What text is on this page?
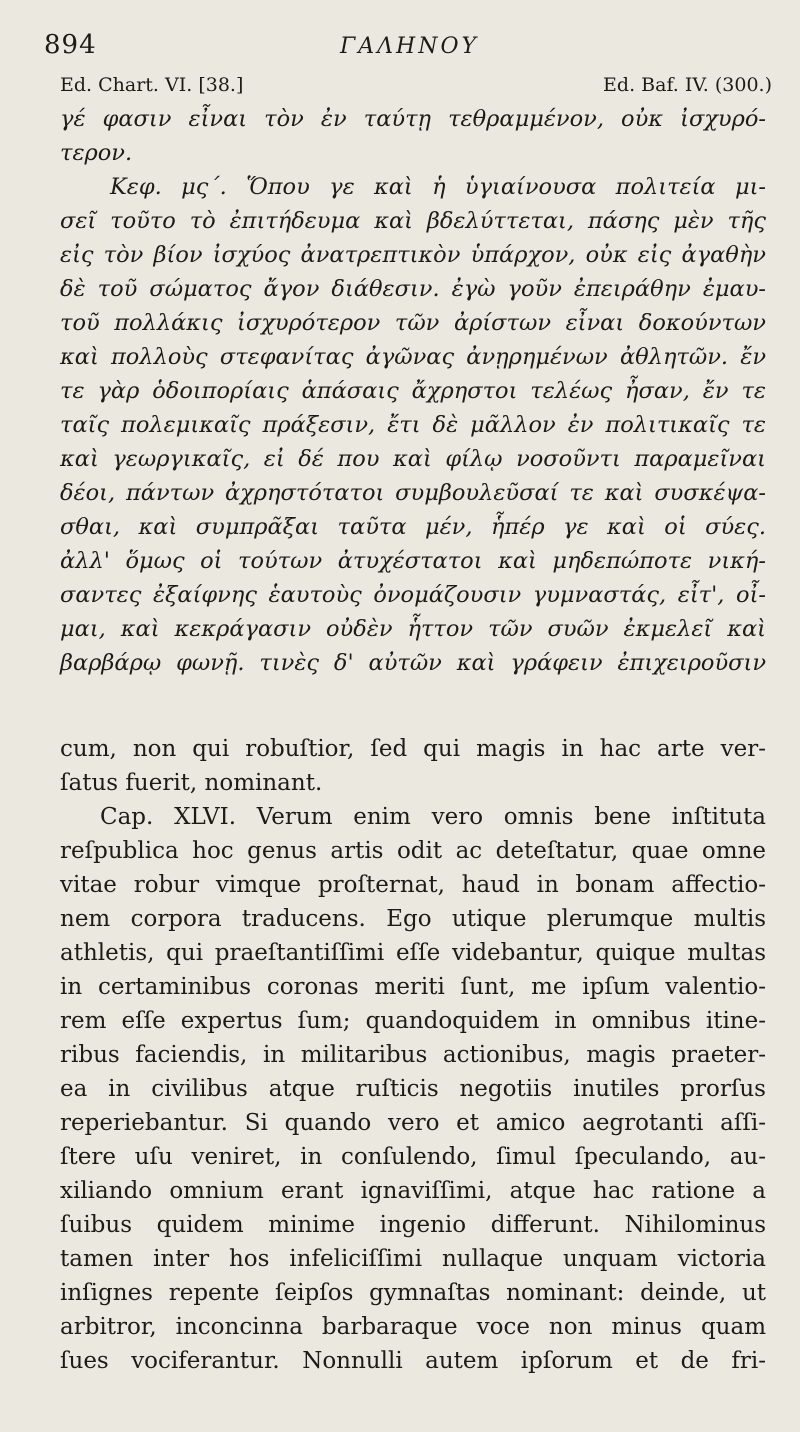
894	ΓΑΛΗΝΟΥ
Ed. Chart. VI. [38.]	Ed. Baf. IV. (300.)
γέ φασιν εἶναι τὸν ἐν ταύτῃ τεθραμμένον, οὐκ ἰσχυρό-
τερον.
Κεφ. μς΄. Ὅπου γε καὶ ἡ ὑγιαίνουσα πολιτεία μι-
σεῖ τοῦτο τὸ ἐπιτήδευμα καὶ βδελύττεται, πάσης μὲν τῆς
εἰς τὸν βίον ἰσχύος ἀνατρεπτικὸν ὑπάρχον, οὐκ εἰς ἀγαθὴν
δὲ τοῦ σώματος ἄγον διάθεσιν. ἐγὼ γοῦν ἐπειράθην ἐμαυ-
τοῦ πολλάκις ἰσχυρότερον τῶν ἀρίστων εἶναι δοκούντων
καὶ πολλοὺς στεφανίτας ἀγῶνας ἀνῃρημένων ἀθλητῶν. ἔν
τε γὰρ ὁδοιπορίαις ἁπάσαις ἄχρηστοι τελέως ἦσαν, ἔν τε
ταῖς πολεμικαῖς πράξεσιν, ἔτι δὲ μᾶλλον ἐν πολιτικαῖς τε
καὶ γεωργικαῖς, εἰ δέ που καὶ φίλῳ νοσοῦντι παραμεῖναι
δέοι, πάντων ἀχρηστότατοι συμβουλεῦσαί τε καὶ συσκέψα-
σθαι, καὶ συμπρᾶξαι ταῦτα μέν, ἧπέρ γε καὶ οἱ σύες.
ἀλλ' ὅμως οἱ τούτων ἀτυχέστατοι καὶ μηδεπώποτε νική-
σαντες ἐξαίφνης ἑαυτοὺς ὀνομάζουσιν γυμναστάς, εἶτ', οἶ-
μαι, καὶ κεκράγασιν οὐδὲν ἧττον τῶν συῶν ἐκμελεῖ καὶ
βαρβάρῳ φωνῇ. τινὲς δ' αὐτῶν καὶ γράφειν ἐπιχειροῦσιν
cum, non qui robuſtior, ſed qui magis in hac arte ver-
ſatus fuerit, nominant.
Cap. XLVI. Verum enim vero omnis bene inſtituta
reſpublica hoc genus artis odit ac deteſtatur, quae omne
vitae robur vimque proſternat, haud in bonam affectio-
nem corpora traducens. Ego utique plerumque multis
athletis, qui praeſtantiſſimi eſſe videbantur, quique multas
in certaminibus coronas meriti ſunt, me ipſum valentio-
rem eſſe expertus ſum; quandoquidem in omnibus itine-
ribus faciendis, in militaribus actionibus, magis praeter-
ea in civilibus atque ruſticis negotiis inutiles prorſus
reperiebantur. Si quando vero et amico aegrotanti aſſi-
ſtere uſu veniret, in conſulendo, ſimul ſpeculando, au-
xiliando omnium erant ignaviſſimi, atque hac ratione a
ſuibus quidem minime ingenio differunt. Nihilominus
tamen inter hos infeliciſſimi nullaque unquam victoria
inſignes repente ſeipſos gymnaſtas nominant: deinde, ut
arbitror, inconcinna barbaraque voce non minus quam
ſues vociferantur. Nonnulli autem ipſorum et de fri-
